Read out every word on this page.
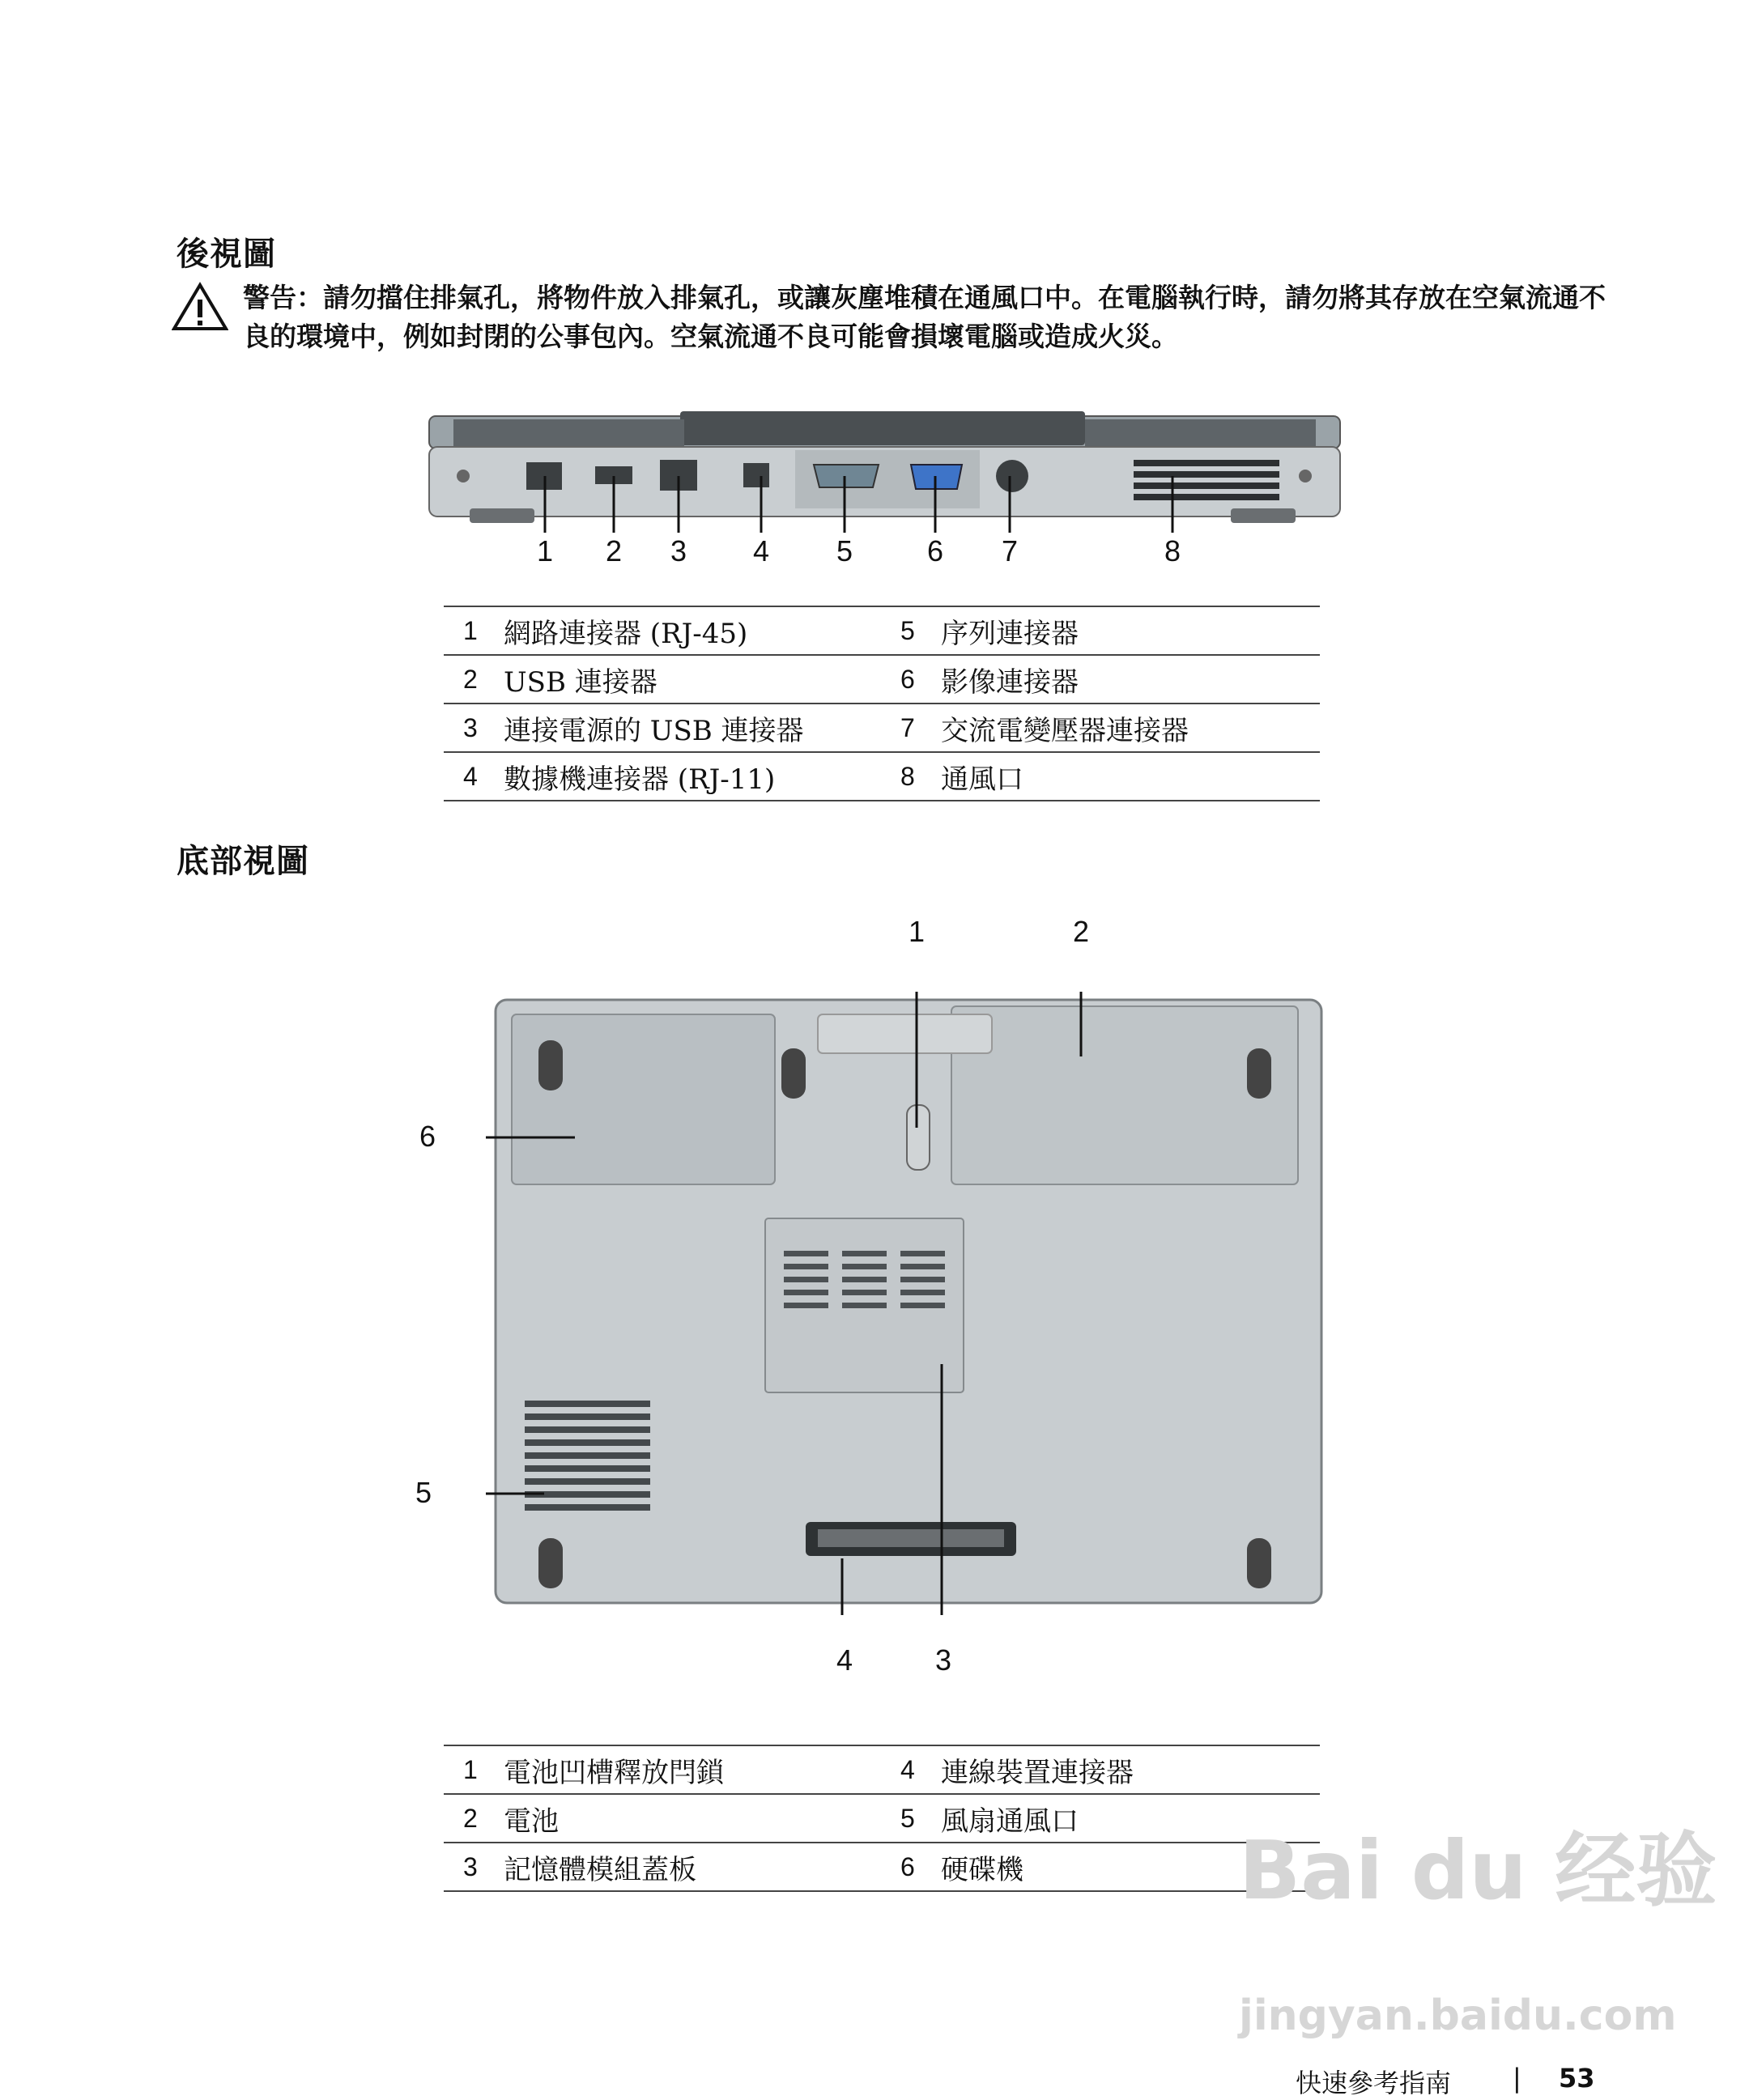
後視圖
警告：請勿擋住排氣孔，將物件放入排氣孔，或讓灰塵堆積在通風口中。在電腦執行時，請勿將其存放在空氣流通不良的環境中，例如封閉的公事包內。空氣流通不良可能會損壞電腦或造成火災。
1 2 3 4 5	6 7	8
1	網路連接器 (RJ-45)	5	序列連接器
2	USB 連接器	6	影像連接器
3	連接電源的 USB 連接器	7	交流電變壓器連接器
4	數據機連接器 (RJ-11)	8	通風口
底部視圖
1	2
6
5
4	3
1	電池凹槽釋放閂鎖	4	連線裝置連接器
2	電池	5	風扇通風口
3	記憶體模組蓋板	6	硬碟機	Bai du 经验
jingyan.baidu.com
快速參考指南 | 53
